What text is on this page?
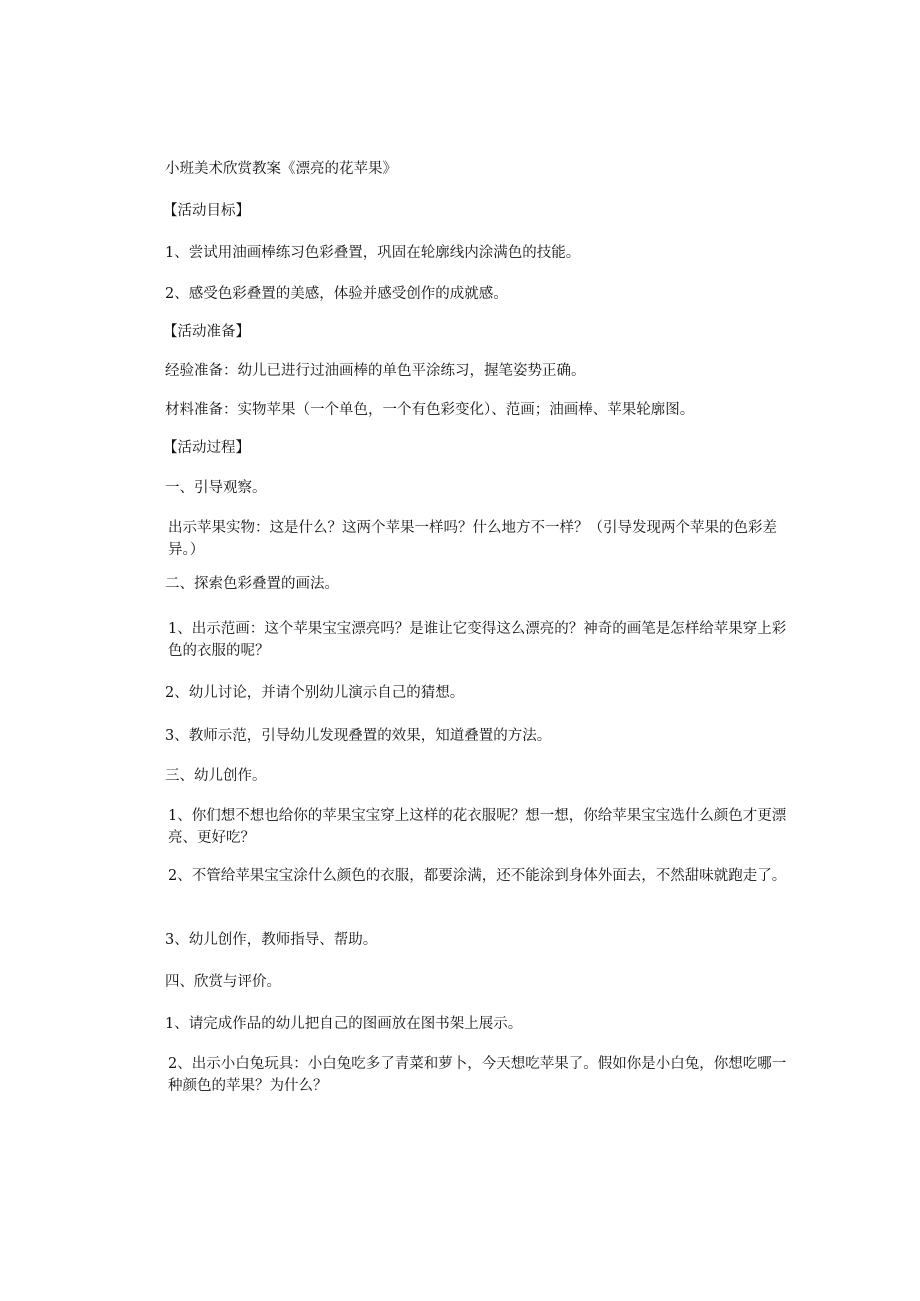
小班美术欣赏教案《漂亮的花苹果》
【活动目标】
1、尝试用油画棒练习色彩叠置，巩固在轮廓线内涂满色的技能。
2、感受色彩叠置的美感，体验并感受创作的成就感。
【活动准备】
经验准备：幼儿已进行过油画棒的单色平涂练习，握笔姿势正确。
材料准备：实物苹果（一个单色，一个有色彩变化）、范画；油画棒、苹果轮廓图。
【活动过程】
一、引导观察。
出示苹果实物：这是什么？这两个苹果一样吗？什么地方不一样？（引导发现两个苹果的色彩差异。）
二、探索色彩叠置的画法。
1、出示范画：这个苹果宝宝漂亮吗？是谁让它变得这么漂亮的？神奇的画笔是怎样给苹果穿上彩色的衣服的呢？
2、幼儿讨论，并请个别幼儿演示自己的猜想。
3、教师示范，引导幼儿发现叠置的效果，知道叠置的方法。
三、幼儿创作。
1、你们想不想也给你的苹果宝宝穿上这样的花衣服呢？想一想，你给苹果宝宝选什么颜色才更漂亮、更好吃？
2、不管给苹果宝宝涂什么颜色的衣服，都要涂满，还不能涂到身体外面去，不然甜味就跑走了。
3、幼儿创作，教师指导、帮助。
四、欣赏与评价。
1、请完成作品的幼儿把自己的图画放在图书架上展示。
2、出示小白兔玩具：小白兔吃多了青菜和萝卜，今天想吃苹果了。假如你是小白兔，你想吃哪一种颜色的苹果？为什么？
